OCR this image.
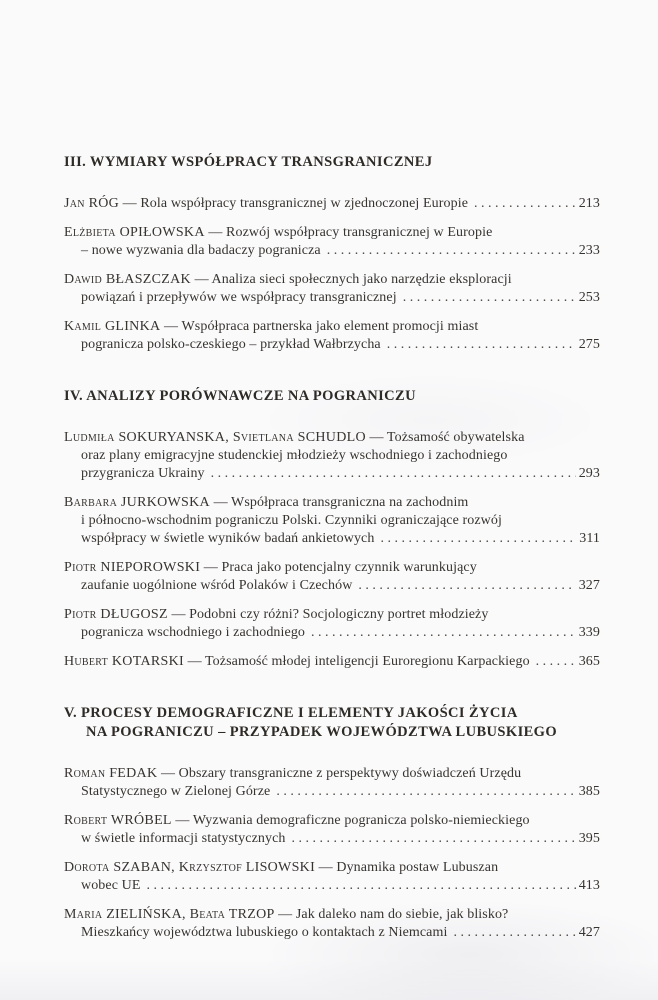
III. WYMIARY WSPÓŁPRACY TRANSGRANICZNEJ
Jan RÓG — Rola współpracy transgranicznej w zjednoczonej Europie .....	213
Elżbieta OPIŁOWSKA — Rozwój współpracy transgranicznej w Europie
– nowe wyzwania dla badaczy pogranicza .....	233
Dawid BŁASZCZAK — Analiza sieci społecznych jako narzędzie eksploracji
powiązań i przepływów we współpracy transgranicznej .....	253
Kamil GLINKA — Współpraca partnerska jako element promocji miast
pogranicza polsko-czeskiego – przykład Wałbrzycha .....	275
IV. ANALIZY PORÓWNAWCZE NA POGRANICZU
Ludmiła SOKURYANSKA, Svietlana SCHUDLO — Tożsamość obywatelska
oraz plany emigracyjne studenckiej młodzieży wschodniego i zachodniego
przygranicza Ukrainy .....	293
Barbara JURKOWSKA — Współpraca transgraniczna na zachodnim
i północno-wschodnim pograniczu Polski. Czynniki ograniczające rozwój
współpracy w świetle wyników badań ankietowych .....	311
Piotr NIEPOROWSKI — Praca jako potencjalny czynnik warunkujący
zaufanie uogólnione wśród Polaków i Czechów .....	327
Piotr DŁUGOSZ — Podobni czy różni? Socjologiczny portret młodzieży
pogranicza wschodniego i zachodniego .....	339
Hubert KOTARSKI — Tożsamość młodej inteligencji Euroregionu Karpackiego .....	365
V. PROCESY DEMOGRAFICZNE I ELEMENTY JAKOŚCI ŻYCIA
NA POGRANICZU – PRZYPADEK WOJEWÓDZTWA LUBUSKIEGO
Roman FEDAK — Obszary transgraniczne z perspektywy doświadczeń Urzędu
Statystycznego w Zielonej Górze .....	385
Robert WRÓBEL — Wyzwania demograficzne pogranicza polsko-niemieckiego
w świetle informacji statystycznych .....	395
Dorota SZABAN, Krzysztof LISOWSKI — Dynamika postaw Lubuszan
wobec UE .....	413
Maria ZIELIŃSKA, Beata TRZOP — Jak daleko nam do siebie, jak blisko?
Mieszkańcy województwa lubuskiego o kontaktach z Niemcami .....	427
